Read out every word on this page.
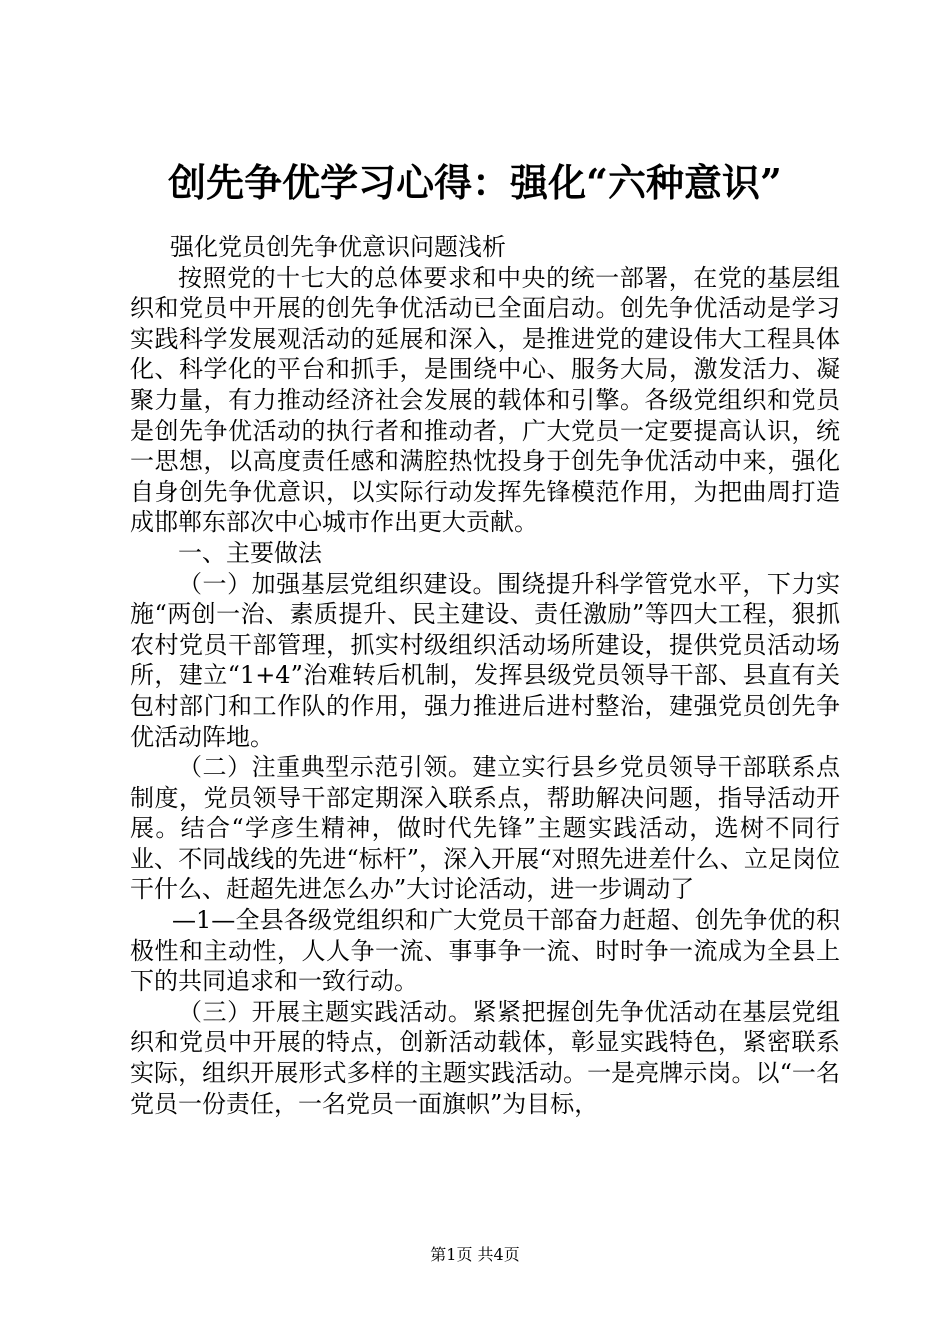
创先争优学习心得：强化“六种意识”

强化党员创先争优意识问题浅析

按照党的十七大的总体要求和中央的统一部署，在党的基层组织和党员中开展的创先争优活动已全面启动。创先争优活动是学习实践科学发展观活动的延展和深入，是推进党的建设伟大工程具体化、科学化的平台和抓手，是围绕中心、服务大局，激发活力、凝聚力量，有力推动经济社会发展的载体和引擎。各级党组织和党员是创先争优活动的执行者和推动者，广大党员一定要提高认识，统一思想，以高度责任感和满腔热忱投身于创先争优活动中来，强化自身创先争优意识，以实际行动发挥先锋模范作用，为把曲周打造成邯郸东部次中心城市作出更大贡献。

一、主要做法

（一）加强基层党组织建设。围绕提升科学管党水平，下力实施“两创一治、素质提升、民主建设、责任激励”等四大工程，狠抓农村党员干部管理，抓实村级组织活动场所建设，提供党员活动场所，建立“1+4”治难转后机制，发挥县级党员领导干部、县直有关包村部门和工作队的作用，强力推进后进村整治，建强党员创先争优活动阵地。

（二）注重典型示范引领。建立实行县乡党员领导干部联系点制度，党员领导干部定期深入联系点，帮助解决问题，指导活动开展。结合“学彦生精神，做时代先锋”主题实践活动，选树不同行业、不同战线的先进“标杆”，深入开展“对照先进差什么、立足岗位干什么、赶超先进怎么办”大讨论活动，进一步调动了

—1—全县各级党组织和广大党员干部奋力赶超、创先争优的积极性和主动性，人人争一流、事事争一流、时时争一流成为全县上下的共同追求和一致行动。

（三）开展主题实践活动。紧紧把握创先争优活动在基层党组织和党员中开展的特点，创新活动载体，彰显实践特色，紧密联系实际，组织开展形式多样的主题实践活动。一是亮牌示岗。以“一名党员一份责任，一名党员一面旗帜”为目标，

第1页 共4页
